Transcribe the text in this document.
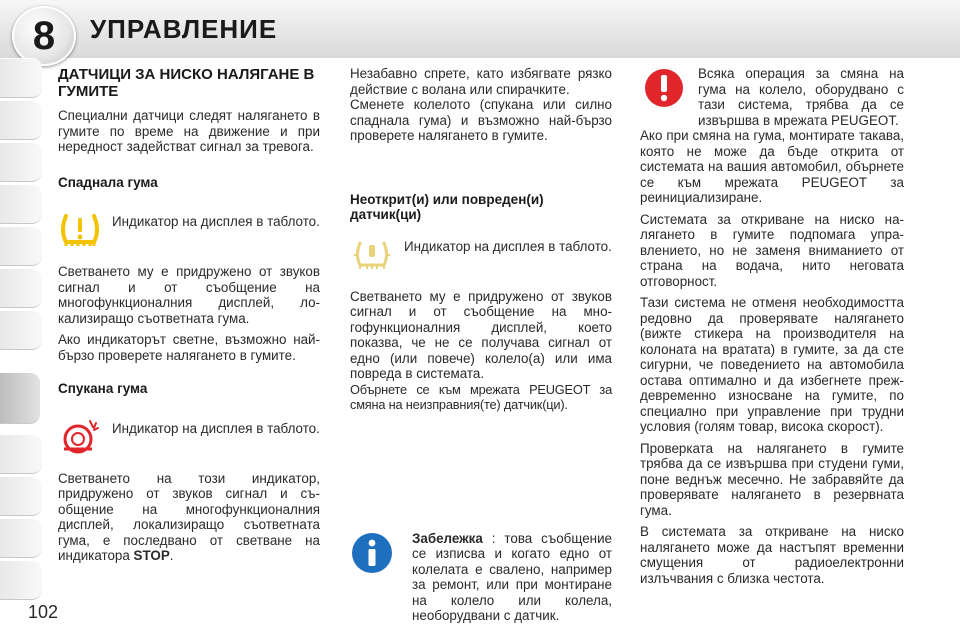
8	УПРАВЛЕНИЕ
102
ДАТЧИЦИ ЗА НИСКО НАЛЯГАНЕ В ГУМИТЕ

Специални датчици следят налягането в гумите по време на движение и при нередност задействат сигнал за тревога.

Спаднала гума

Индикатор на дисплея в таблото.

Светването му е придружено от звуков сигнал и от съобщение на многофункционалния дисплей, локализиращо съответната гума.

Ако индикаторът светне, възможно най-бързо проверете налягането в гумите.

Спукана гума

Индикатор на дисплея в таблото.

Светването на този индикатор, придружено от звуков сигнал и съобщение на многофункционалния дисплей, локализиращо съответната гума, е последвано от светване на индикатора STOP.

Незабавно спрете, като избягвате рязко действие с волана или спирачките.

Сменете колелото (спукана или силно спаднала гума) и възможно най-бързо проверете налягането в гумите.

Неоткрит(и) или повреден(и) датчик(ци)

Индикатор на дисплея в таблото.

Светването му е придружено от звуков сигнал и от съобщение на многофункционалния дисплей, което показва, че не се получава сигнал от едно (или повече) колело(а) или има повреда в системата.

Обърнете се към мрежата PEUGEOT за смяна на неизправния(те) датчик(ци).

Забележка : това съобщение се изписва и когато едно от колелата е свалено, например за ремонт, или при монтиране на колело или колела, необорудвани с датчик.

Всяка операция за смяна на гума на колело, оборудвано с тази система, трябва да се извършва в мрежата PEUGEOT.

Ако при смяна на гума, монтирате такава, която не може да бъде открита от системата на вашия автомобил, обърнете се към мрежата PEUGEOT за реинициализиране.

Системата за откриване на ниско налягането в гумите подпомага управлението, но не заменя вниманието от страна на водача, нито неговата отговорност.

Тази система не отменя необходимостта редовно да проверявате налягането (вижте стикера на производителя на колоната на вратата) в гумите, за да сте сигурни, че поведението на автомобила остава оптимално и да избегнете преждевременно износване на гумите, по специално при управление при трудни условия (голям товар, висока скорост).

Проверката на налягането в гумите трябва да се извършва при студени гуми, поне веднъж месечно. Не забравяйте да проверявате налягането в резервната гума.

В системата за откриване на ниско налягането може да настъпят временни смущения от радиоелектронни излъчвания с близка честота.
